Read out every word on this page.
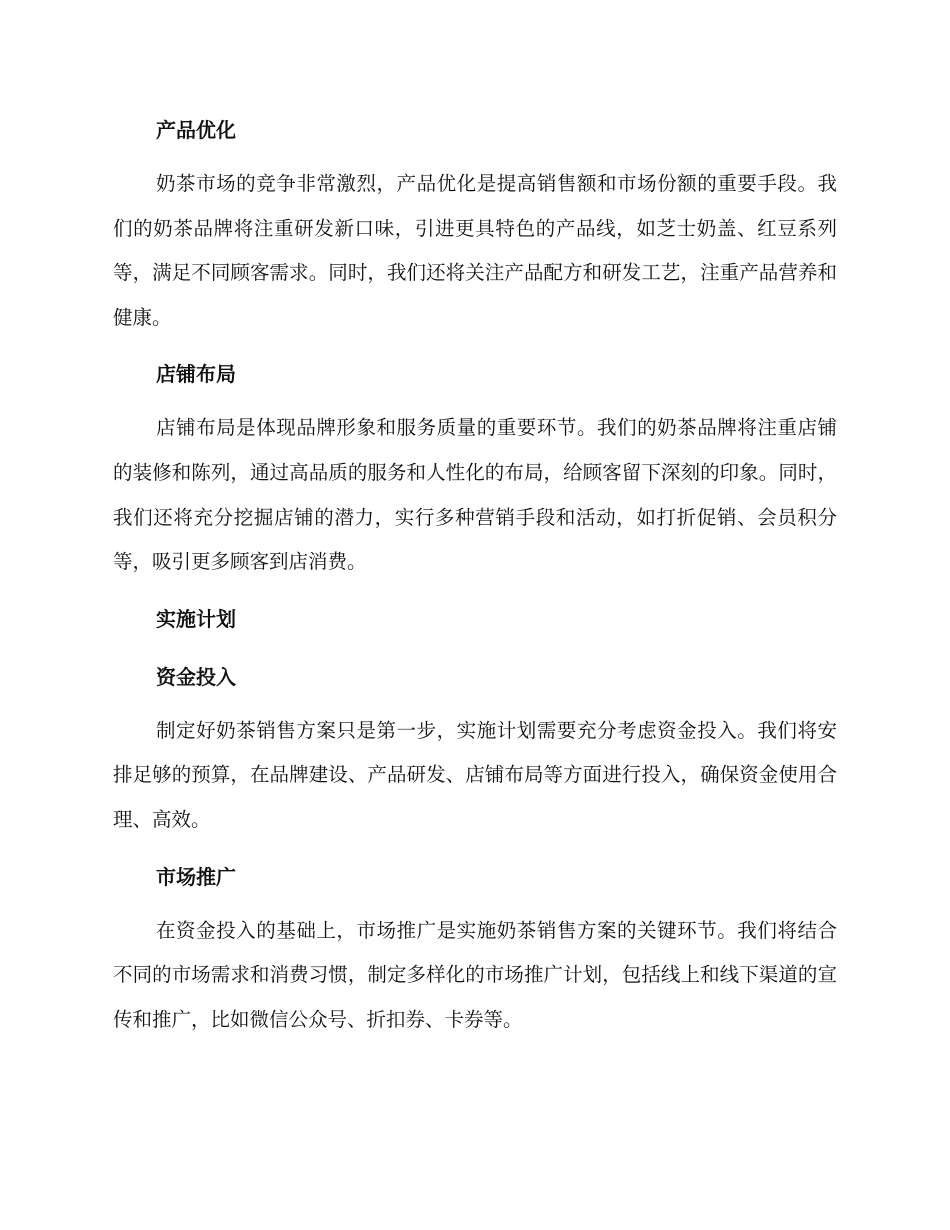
产品优化

奶茶市场的竞争非常激烈，产品优化是提高销售额和市场份额的重要手段。我们的奶茶品牌将注重研发新口味，引进更具特色的产品线，如芝士奶盖、红豆系列等，满足不同顾客需求。同时，我们还将关注产品配方和研发工艺，注重产品营养和健康。

店铺布局

店铺布局是体现品牌形象和服务质量的重要环节。我们的奶茶品牌将注重店铺的装修和陈列，通过高品质的服务和人性化的布局，给顾客留下深刻的印象。同时，我们还将充分挖掘店铺的潜力，实行多种营销手段和活动，如打折促销、会员积分等，吸引更多顾客到店消费。

实施计划
资金投入

制定好奶茶销售方案只是第一步，实施计划需要充分考虑资金投入。我们将安排足够的预算，在品牌建设、产品研发、店铺布局等方面进行投入，确保资金使用合理、高效。

市场推广

在资金投入的基础上，市场推广是实施奶茶销售方案的关键环节。我们将结合不同的市场需求和消费习惯，制定多样化的市场推广计划，包括线上和线下渠道的宣传和推广，比如微信公众号、折扣券、卡券等。
